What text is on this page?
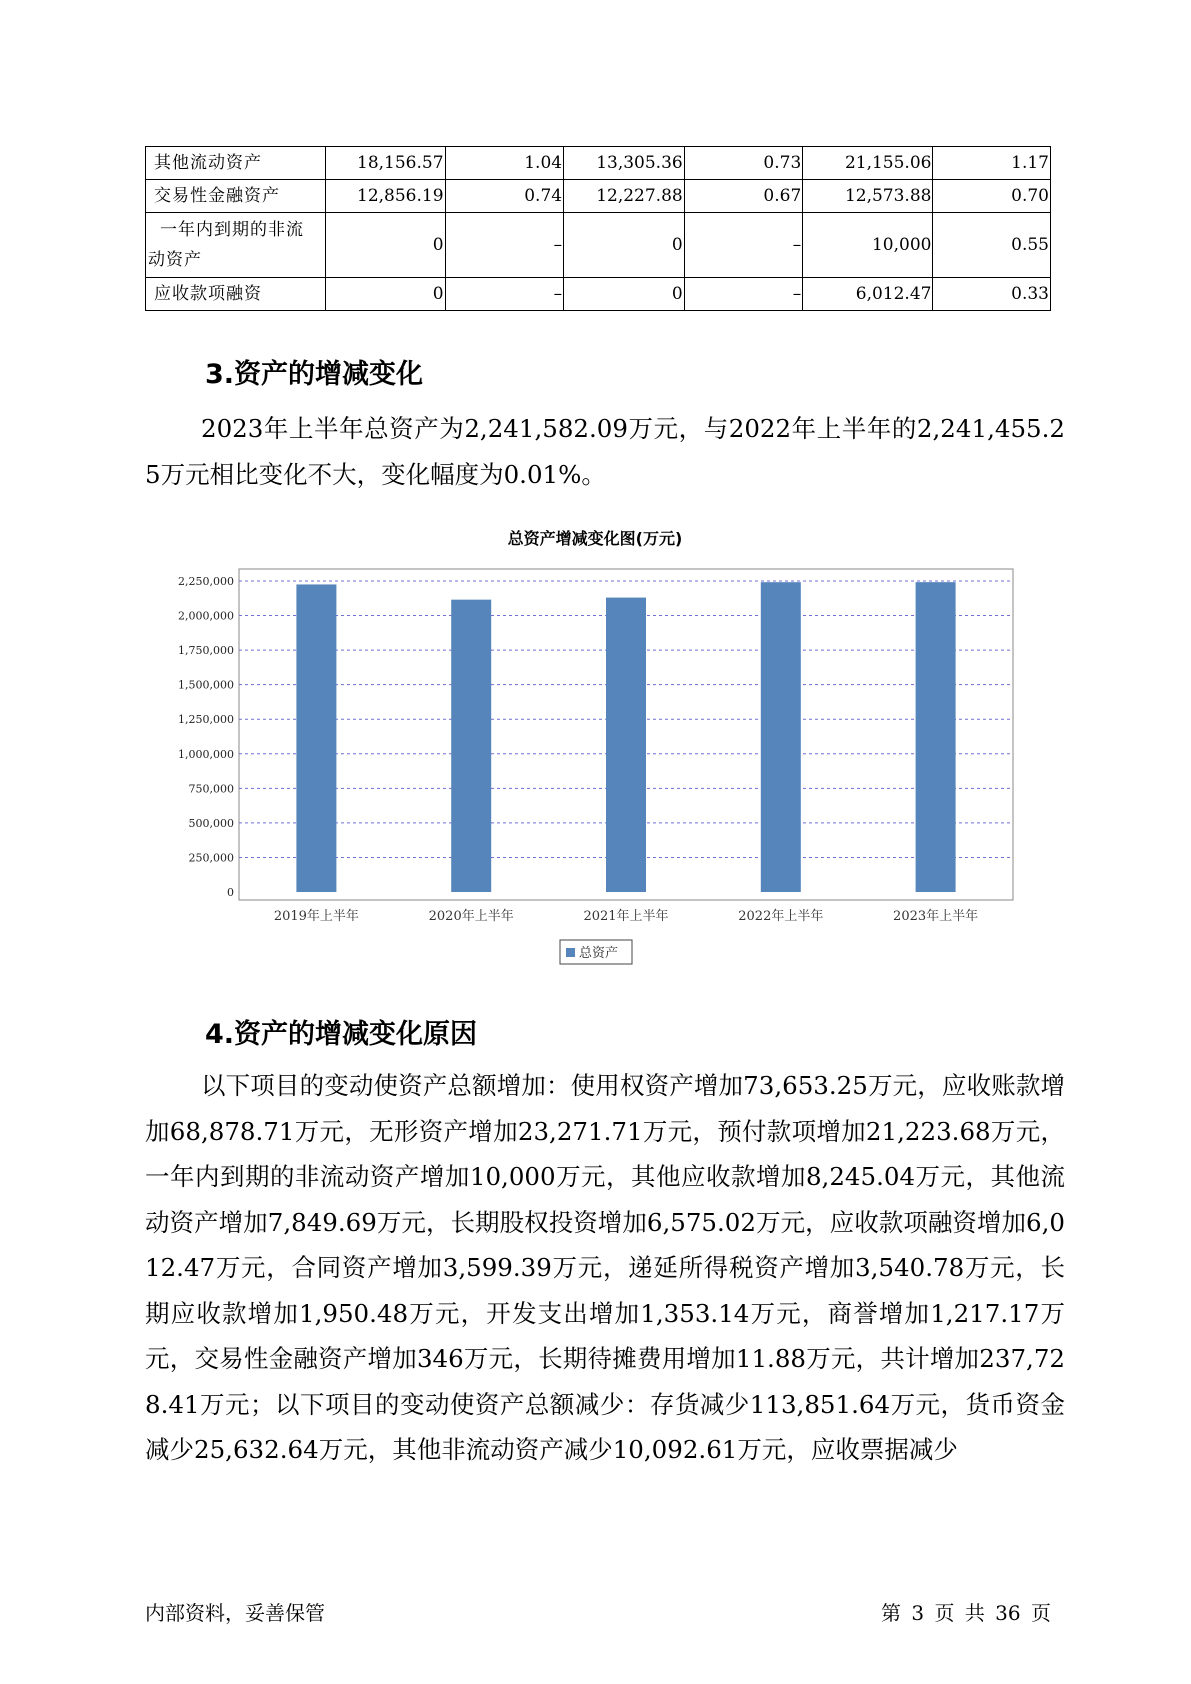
其他流动资产	18,156.57	1.04	13,305.36	0.73	21,155.06	1.17
交易性金融资产	12,856.19	0.74	12,227.88	0.67	12,573.88	0.70
一年内到期的非流动资产	0	–	0	–	10,000	0.55
应收款项融资	0	–	0	–	6,012.47	0.33
3.资产的增减变化

2023年上半年总资产为2,241,582.09万元，与2022年上半年的2,241,455.25万元相比变化不大，变化幅度为0.01%。

总资产增减变化图(万元)
0
250,000
500,000
750,000
1,000,000
1,250,000
1,500,000
1,750,000
2,000,000
2,250,000
2019年上半年	2020年上半年	2021年上半年	2022年上半年	2023年上半年
总资产
4.资产的增减变化原因

以下项目的变动使资产总额增加：使用权资产增加73,653.25万元，应收账款增加68,878.71万元，无形资产增加23,271.71万元，预付款项增加21,223.68万元，一年内到期的非流动资产增加10,000万元，其他应收款增加8,245.04万元，其他流动资产增加7,849.69万元，长期股权投资增加6,575.02万元，应收款项融资增加6,012.47万元，合同资产增加3,599.39万元，递延所得税资产增加3,540.78万元，长期应收款增加1,950.48万元，开发支出增加1,353.14万元，商誉增加1,217.17万元，交易性金融资产增加346万元，长期待摊费用增加11.88万元，共计增加237,728.41万元；以下项目的变动使资产总额减少：存货减少113,851.64万元，货币资金减少25,632.64万元，其他非流动资产减少10,092.61万元，应收票据减少

内部资料，妥善保管	第 3 页 共 36 页
